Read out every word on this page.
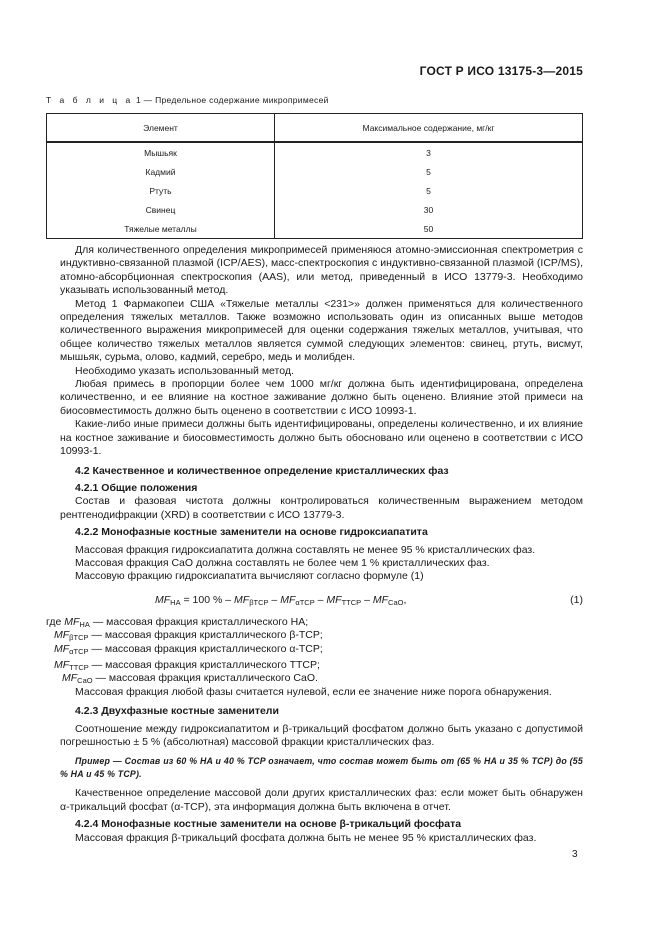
ГОСТ Р ИСО 13175-3—2015
Т а б л и ц а 1 — Предельное содержание микропримесей
Элемент	Максимальное содержание, мг/кг
Мышьяк	3
Кадмий	5
Ртуть	5
Свинец	30
Тяжелые металлы	50

Для количественного определения микропримесей применяюся атомно-эмиссионная спектрометрия с индуктивно-связанной плазмой (ICP/AES), масс-спектроскопия с индуктивно-связанной плазмой (ICP/MS), атомно-абсорбционная спектроскопия (AAS), или метод, приведенный в ИСО 13779-3. Необходимо указывать использованный метод.

Метод 1 Фармакопеи США «Тяжелые металлы <231>» должен применяться для количественного определения тяжелых металлов. Также возможно использовать один из описанных выше методов количественного выражения микропримесей для оценки содержания тяжелых металлов, учитывая, что общее количество тяжелых металлов является суммой следующих элементов: свинец, ртуть, висмут, мышьяк, сурьма, олово, кадмий, серебро, медь и молибден.

Необходимо указать использованный метод.

Любая примесь в пропорции более чем 1000 мг/кг должна быть идентифицирована, определена количественно, и ее влияние на костное заживание должно быть оценено. Влияние этой примеси на биосовместимость должно быть оценено в соответствии с ИСО 10993-1.

Какие-либо иные примеси должны быть идентифицированы, определены количественно, и их влияние на костное заживание и биосовместимость должно быть обосновано или оценено в соответствии с ИСО 10993-1.

4.2 Качественное и количественное определение кристаллических фаз

4.2.1 Общие положения

Состав и фазовая чистота должны контролироваться количественным выражением методом рентгенодифракции (XRD) в соответствии с ИСО 13779-3.

4.2.2 Монофазные костные заменители на основе гидроксиапатита

Массовая фракция гидроксиапатита должна составлять не менее 95 % кристаллических фаз.

Массовая фракция CaO должна составлять не более чем 1 % кристаллических фаз.

Массовую фракцию гидроксиапатита вычисляют согласно формуле (1)

$MF_{HA} = 100$ % – $MF_{\beta TCP} - MF_{\alpha TCP} - MF_{TTCP} - MF_{CaO}$,	(1)

где $MF_{HA}$ — массовая фракция кристаллического HA;

$MF_{\beta TCP}$ — массовая фракция кристаллического β-TCP;

$MF_{\alpha TCP}$ — массовая фракция кристаллического α-TCP;

$MF_{TTCP}$ — массовая фракция кристаллического TTCP;

$MF_{CaO}$ — массовая фракция кристаллического CaO.

Массовая фракция любой фазы считается нулевой, если ее значение ниже порога обнаружения.

4.2.3 Двухфазные костные заменители

Соотношение между гидроксиапатитом и β-трикальций фосфатом должно быть указано с допустимой погрешностью ± 5 % (абсолютная) массовой фракции кристаллических фаз.

Пример — Состав из 60 % HA и 40 % TCP означает, что состав может быть от (65 % HA и 35 % TCP) до (55 % HA и 45 % TCP).

Качественное определение массовой доли других кристаллических фаз: если может быть обнаружен α-трикальций фосфат (α-TCP), эта информация должна быть включена в отчет.

4.2.4 Монофазные костные заменители на основе β-трикальций фосфата

Массовая фракция β-трикальций фосфата должна быть не менее 95 % кристаллических фаз.

3
